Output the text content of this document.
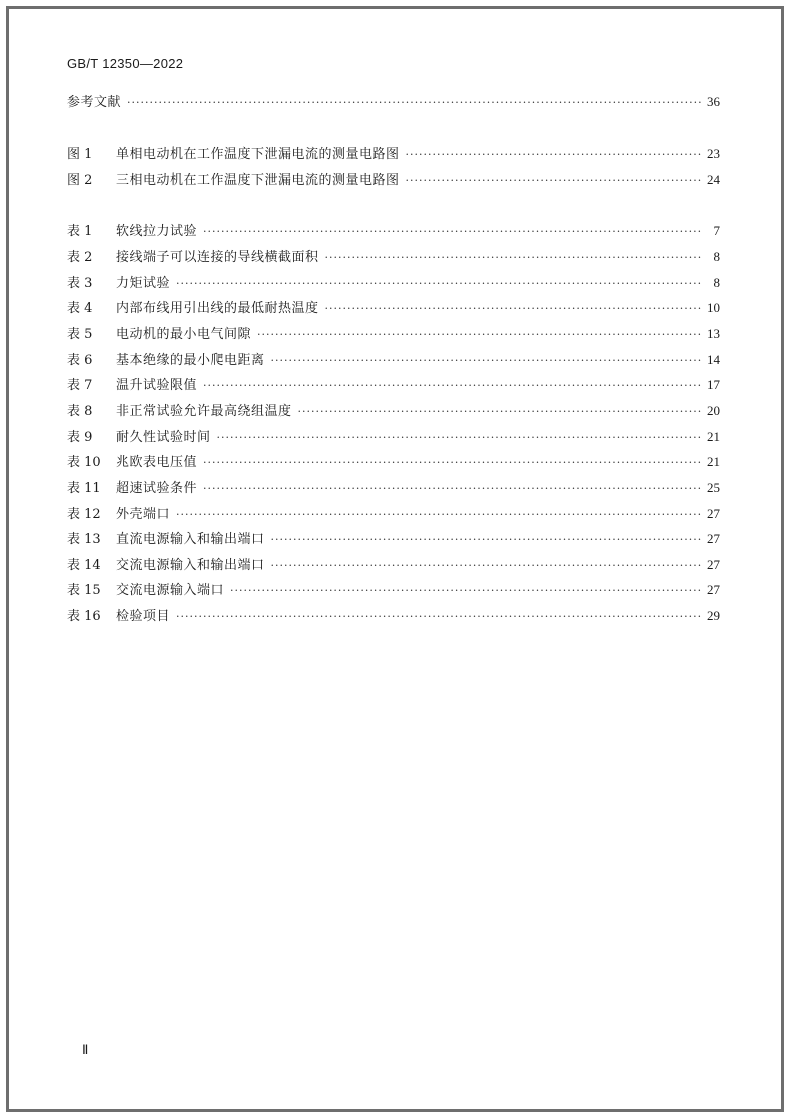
GB/T 12350—2022
参考文献 ·····	36
图 1	单相电动机在工作温度下泄漏电流的测量电路图 ·····	23
图 2	三相电动机在工作温度下泄漏电流的测量电路图 ·····	24
表 1	软线拉力试验 ·····	7
表 2	接线端子可以连接的导线横截面积 ·····	8
表 3	力矩试验 ·····	8
表 4	内部布线用引出线的最低耐热温度 ·····	10
表 5	电动机的最小电气间隙 ·····	13
表 6	基本绝缘的最小爬电距离 ·····	14
表 7	温升试验限值 ·····	17
表 8	非正常试验允许最高绕组温度 ·····	20
表 9	耐久性试验时间 ·····	21
表 10	兆欧表电压值 ·····	21
表 11	超速试验条件 ·····	25
表 12	外壳端口 ·····	27
表 13	直流电源输入和输出端口 ·····	27
表 14	交流电源输入和输出端口 ·····	27
表 15	交流电源输入端口 ·····	27
表 16	检验项目 ·····	29
Ⅱ
